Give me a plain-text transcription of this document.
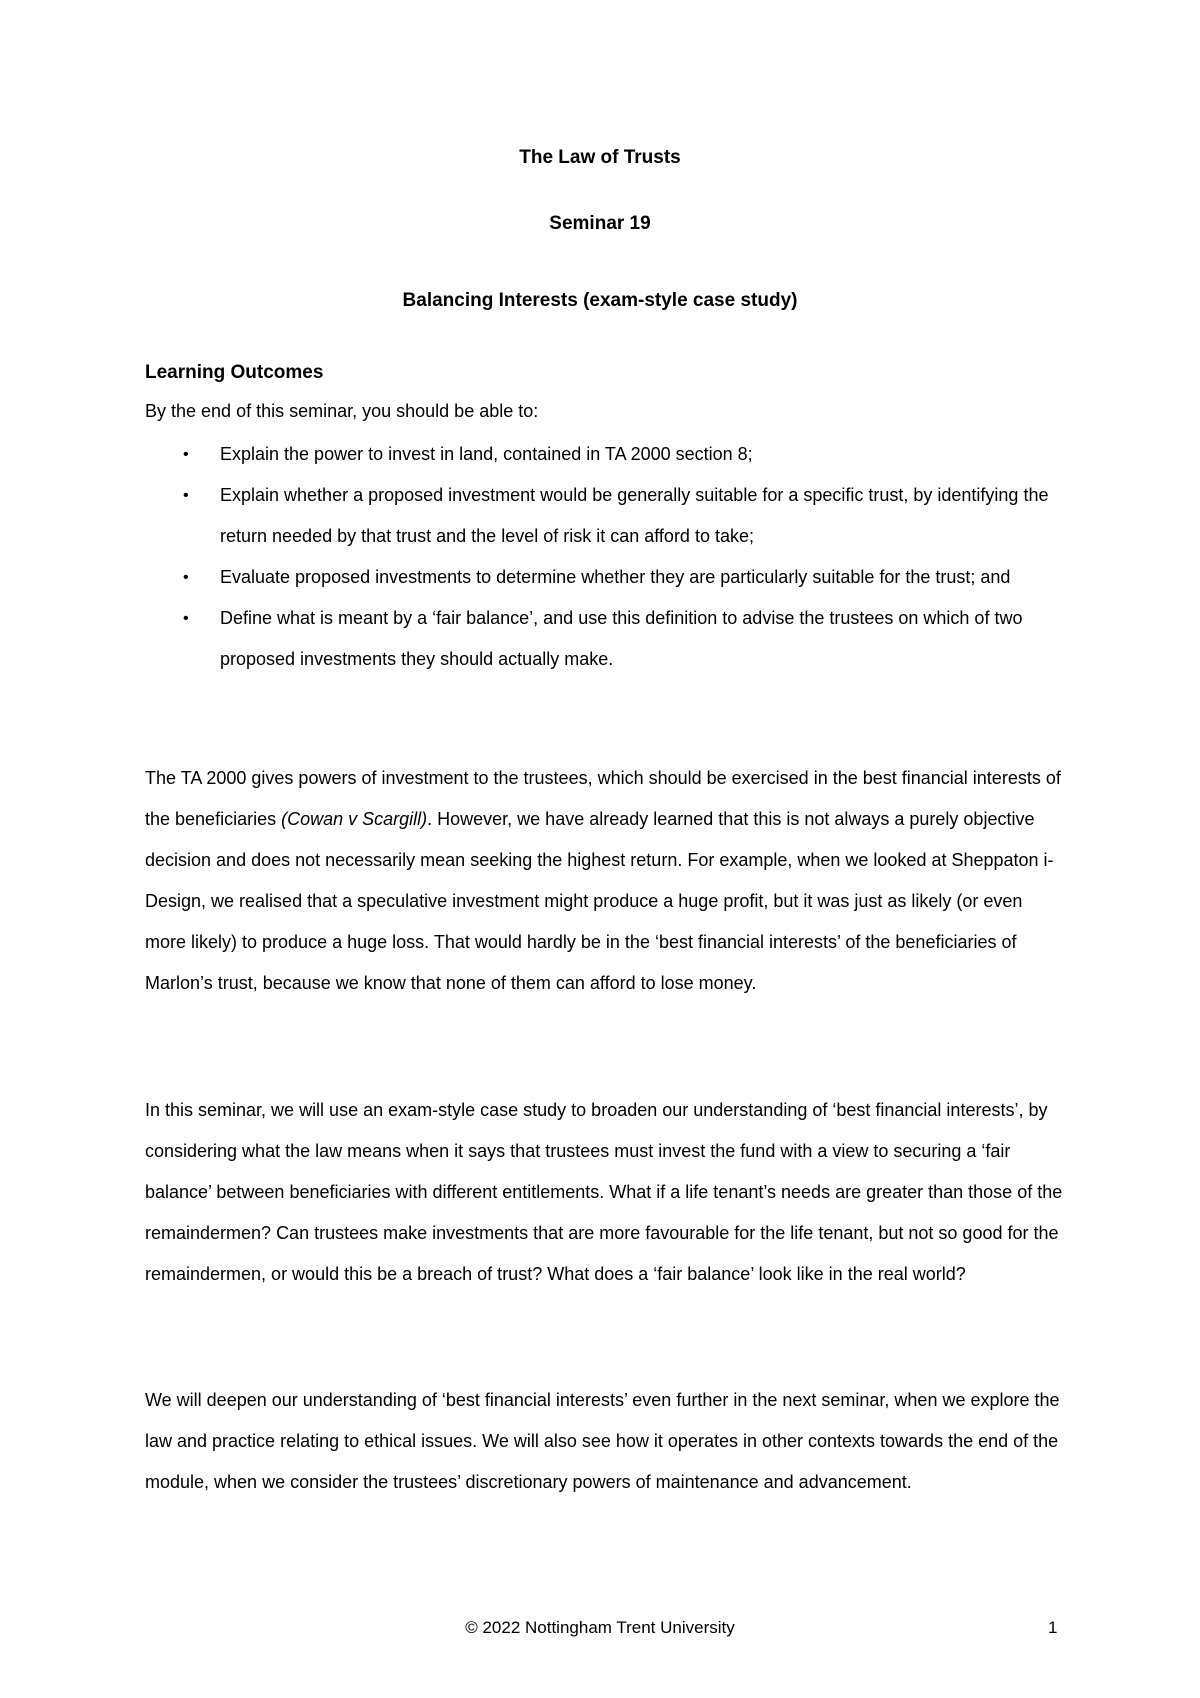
The Law of Trusts
Seminar 19
Balancing Interests (exam-style case study)
Learning Outcomes
By the end of this seminar, you should be able to:
• Explain the power to invest in land, contained in TA 2000 section 8;
• Explain whether a proposed investment would be generally suitable for a specific trust, by identifying the return needed by that trust and the level of risk it can afford to take;
• Evaluate proposed investments to determine whether they are particularly suitable for the trust; and
• Define what is meant by a ‘fair balance’, and use this definition to advise the trustees on which of two proposed investments they should actually make.

The TA 2000 gives powers of investment to the trustees, which should be exercised in the best financial interests of the beneficiaries (Cowan v Scargill). However, we have already learned that this is not always a purely objective decision and does not necessarily mean seeking the highest return. For example, when we looked at Sheppaton i-Design, we realised that a speculative investment might produce a huge profit, but it was just as likely (or even more likely) to produce a huge loss. That would hardly be in the ‘best financial interests’ of the beneficiaries of Marlon’s trust, because we know that none of them can afford to lose money.

In this seminar, we will use an exam-style case study to broaden our understanding of ‘best financial interests’, by considering what the law means when it says that trustees must invest the fund with a view to securing a ‘fair balance’ between beneficiaries with different entitlements. What if a life tenant’s needs are greater than those of the remaindermen? Can trustees make investments that are more favourable for the life tenant, but not so good for the remaindermen, or would this be a breach of trust? What does a ‘fair balance’ look like in the real world?

We will deepen our understanding of ‘best financial interests’ even further in the next seminar, when we explore the law and practice relating to ethical issues. We will also see how it operates in other contexts towards the end of the module, when we consider the trustees’ discretionary powers of maintenance and advancement.

© 2022 Nottingham Trent University	1
